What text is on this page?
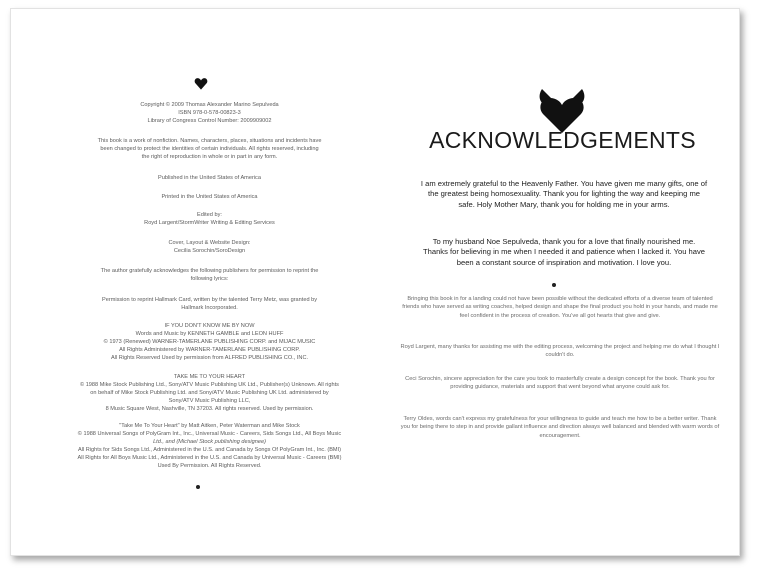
Copyright © 2009 Thomas Alexander Marino Sepulveda

ISBN 978-0-578-00823-3

Library of Congress Control Number: 2009909002

This book is a work of nonfiction. Names, characters, places, situations and incidents have

been changed to protect the identities of certain individuals. All rights reserved, including

the right of reproduction in whole or in part in any form.

Published in the United States of America

Printed in the United States of America

Edited by:

Royd Largent/StormWriter Writing & Editing Services

Cover, Layout & Website Design:

Cecilia Sorochin/SoroDesign

The author gratefully acknowledges the following publishers for permission to reprint the

following lyrics:

Permission to reprint Hallmark Card, written by the talented Terry Metz, was granted by

Hallmark Incorporated.

IF YOU DON'T KNOW ME BY NOW

Words and Music by KENNETH GAMBLE and LEON HUFF

© 1973 (Renewed) WARNER-TAMERLANE PUBLISHING CORP. and MIJAC MUSIC

All Rights Administered by WARNER-TAMERLANE PUBLISHING CORP.

All Rights Reserved Used by permission from ALFRED PUBLISHING CO., INC.

TAKE ME TO YOUR HEART

© 1988 Mike Stock Publishing Ltd., Sony/ATV Music Publishing UK Ltd., Publisher(s) Unknown. All rights

on behalf of Mike Stock Publishing Ltd. and Sony/ATV Music Publishing UK Ltd. administered by

Sony/ATV Music Publishing LLC,

8 Music Square West, Nashville, TN 37203. All rights reserved. Used by permission.

"Take Me To Your Heart" by Matt Aitken, Peter Waterman and Mike Stock

© 1988 Universal Songs of PolyGram Int., Inc., Universal Music - Careers, Sids Songs Ltd., All Boys Music

Ltd., and (Michael Stock publishing designee)

All Rights for Sids Songs Ltd., Administered in the U.S. and Canada by Songs Of PolyGram Int., Inc. (BMI)

All Rights for All Boys Music Ltd., Administered in the U.S. and Canada by Universal Music - Careers (BMI)

Used By Permission. All Rights Reserved.

ACKNOWLEDGEMENTS
I am extremely grateful to the Heavenly Father. You have given me many gifts, one of the greatest being homosexuality. Thank you for lighting the way and keeping me safe. Holy Mother Mary, thank you for holding me in your arms.
To my husband Noe Sepulveda, thank you for a love that finally nourished me. Thanks for believing in me when I needed it and patience when I lacked it. You have been a constant source of inspiration and motivation. I love you.
Bringing this book in for a landing could not have been possible without the dedicated efforts of a diverse team of talented friends who have served as writing coaches, helped design and shape the final product you hold in your hands, and made me feel confident in the process of creation. You've all got hearts that give and give.
Royd Largent, many thanks for assisting me with the editing process, welcoming the project and helping me do what I thought I couldn't do.
Ceci Sorochin, sincere appreciation for the care you took to masterfully create a design concept for the book. Thank you for providing guidance, materials and support that went beyond what anyone could ask for.
Terry Oldes, words can't express my gratefulness for your willingness to guide and teach me how to be a better writer. Thank you for being there to step in and provide gallant influence and direction always well balanced and blended with warm words of encouragement.
